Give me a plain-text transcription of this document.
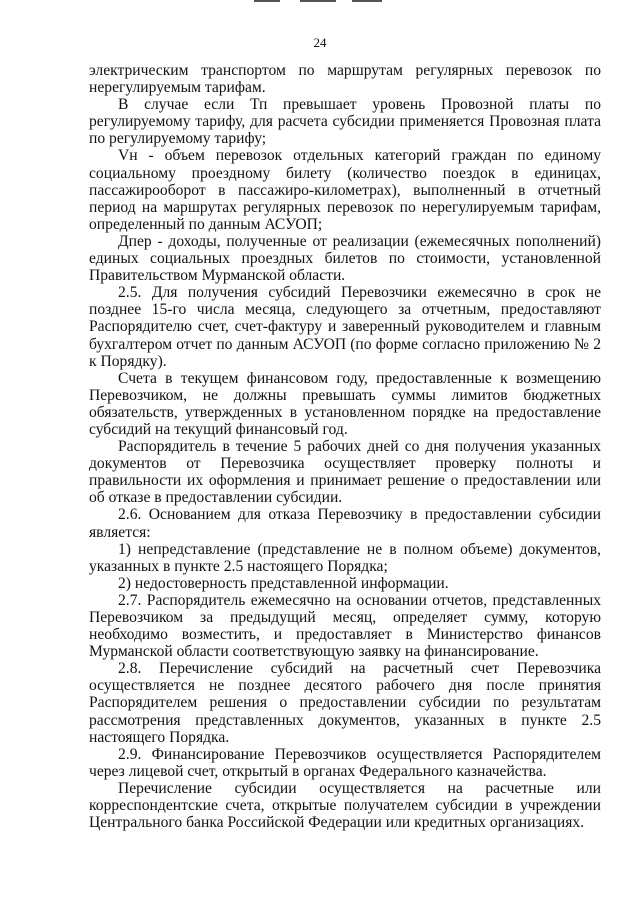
24

электрическим транспортом по маршрутам регулярных перевозок по нерегулируемым тарифам.

В случае если Тп превышает уровень Провозной платы по регулируемому тарифу, для расчета субсидии применяется Провозная плата по регулируемому тарифу;

Vн - объем перевозок отдельных категорий граждан по единому социальному проездному билету (количество поездок в единицах, пассажирооборот в пассажиро-километрах), выполненный в отчетный период на маршрутах регулярных перевозок по нерегулируемым тарифам, определенный по данным АСУОП;

Дпер - доходы, полученные от реализации (ежемесячных пополнений) единых социальных проездных билетов по стоимости, установленной Правительством Мурманской области.

2.5. Для получения субсидий Перевозчики ежемесячно в срок не позднее 15-го числа месяца, следующего за отчетным, предоставляют Распорядителю счет, счет-фактуру и заверенный руководителем и главным бухгалтером отчет по данным АСУОП (по форме согласно приложению № 2 к Порядку).

Счета в текущем финансовом году, предоставленные к возмещению Перевозчиком, не должны превышать суммы лимитов бюджетных обязательств, утвержденных в установленном порядке на предоставление субсидий на текущий финансовый год.

Распорядитель в течение 5 рабочих дней со дня получения указанных документов от Перевозчика осуществляет проверку полноты и правильности их оформления и принимает решение о предоставлении или об отказе в предоставлении субсидии.

2.6. Основанием для отказа Перевозчику в предоставлении субсидии является:

1) непредставление (представление не в полном объеме) документов, указанных в пункте 2.5 настоящего Порядка;

2) недостоверность представленной информации.

2.7. Распорядитель ежемесячно на основании отчетов, представленных Перевозчиком за предыдущий месяц, определяет сумму, которую необходимо возместить, и предоставляет в Министерство финансов Мурманской области соответствующую заявку на финансирование.

2.8. Перечисление субсидий на расчетный счет Перевозчика осуществляется не позднее десятого рабочего дня после принятия Распорядителем решения о предоставлении субсидии по результатам рассмотрения представленных документов, указанных в пункте 2.5 настоящего Порядка.

2.9. Финансирование Перевозчиков осуществляется Распорядителем через лицевой счет, открытый в органах Федерального казначейства.

Перечисление субсидии осуществляется на расчетные или корреспондентские счета, открытые получателем субсидии в учреждении Центрального банка Российской Федерации или кредитных организациях.
